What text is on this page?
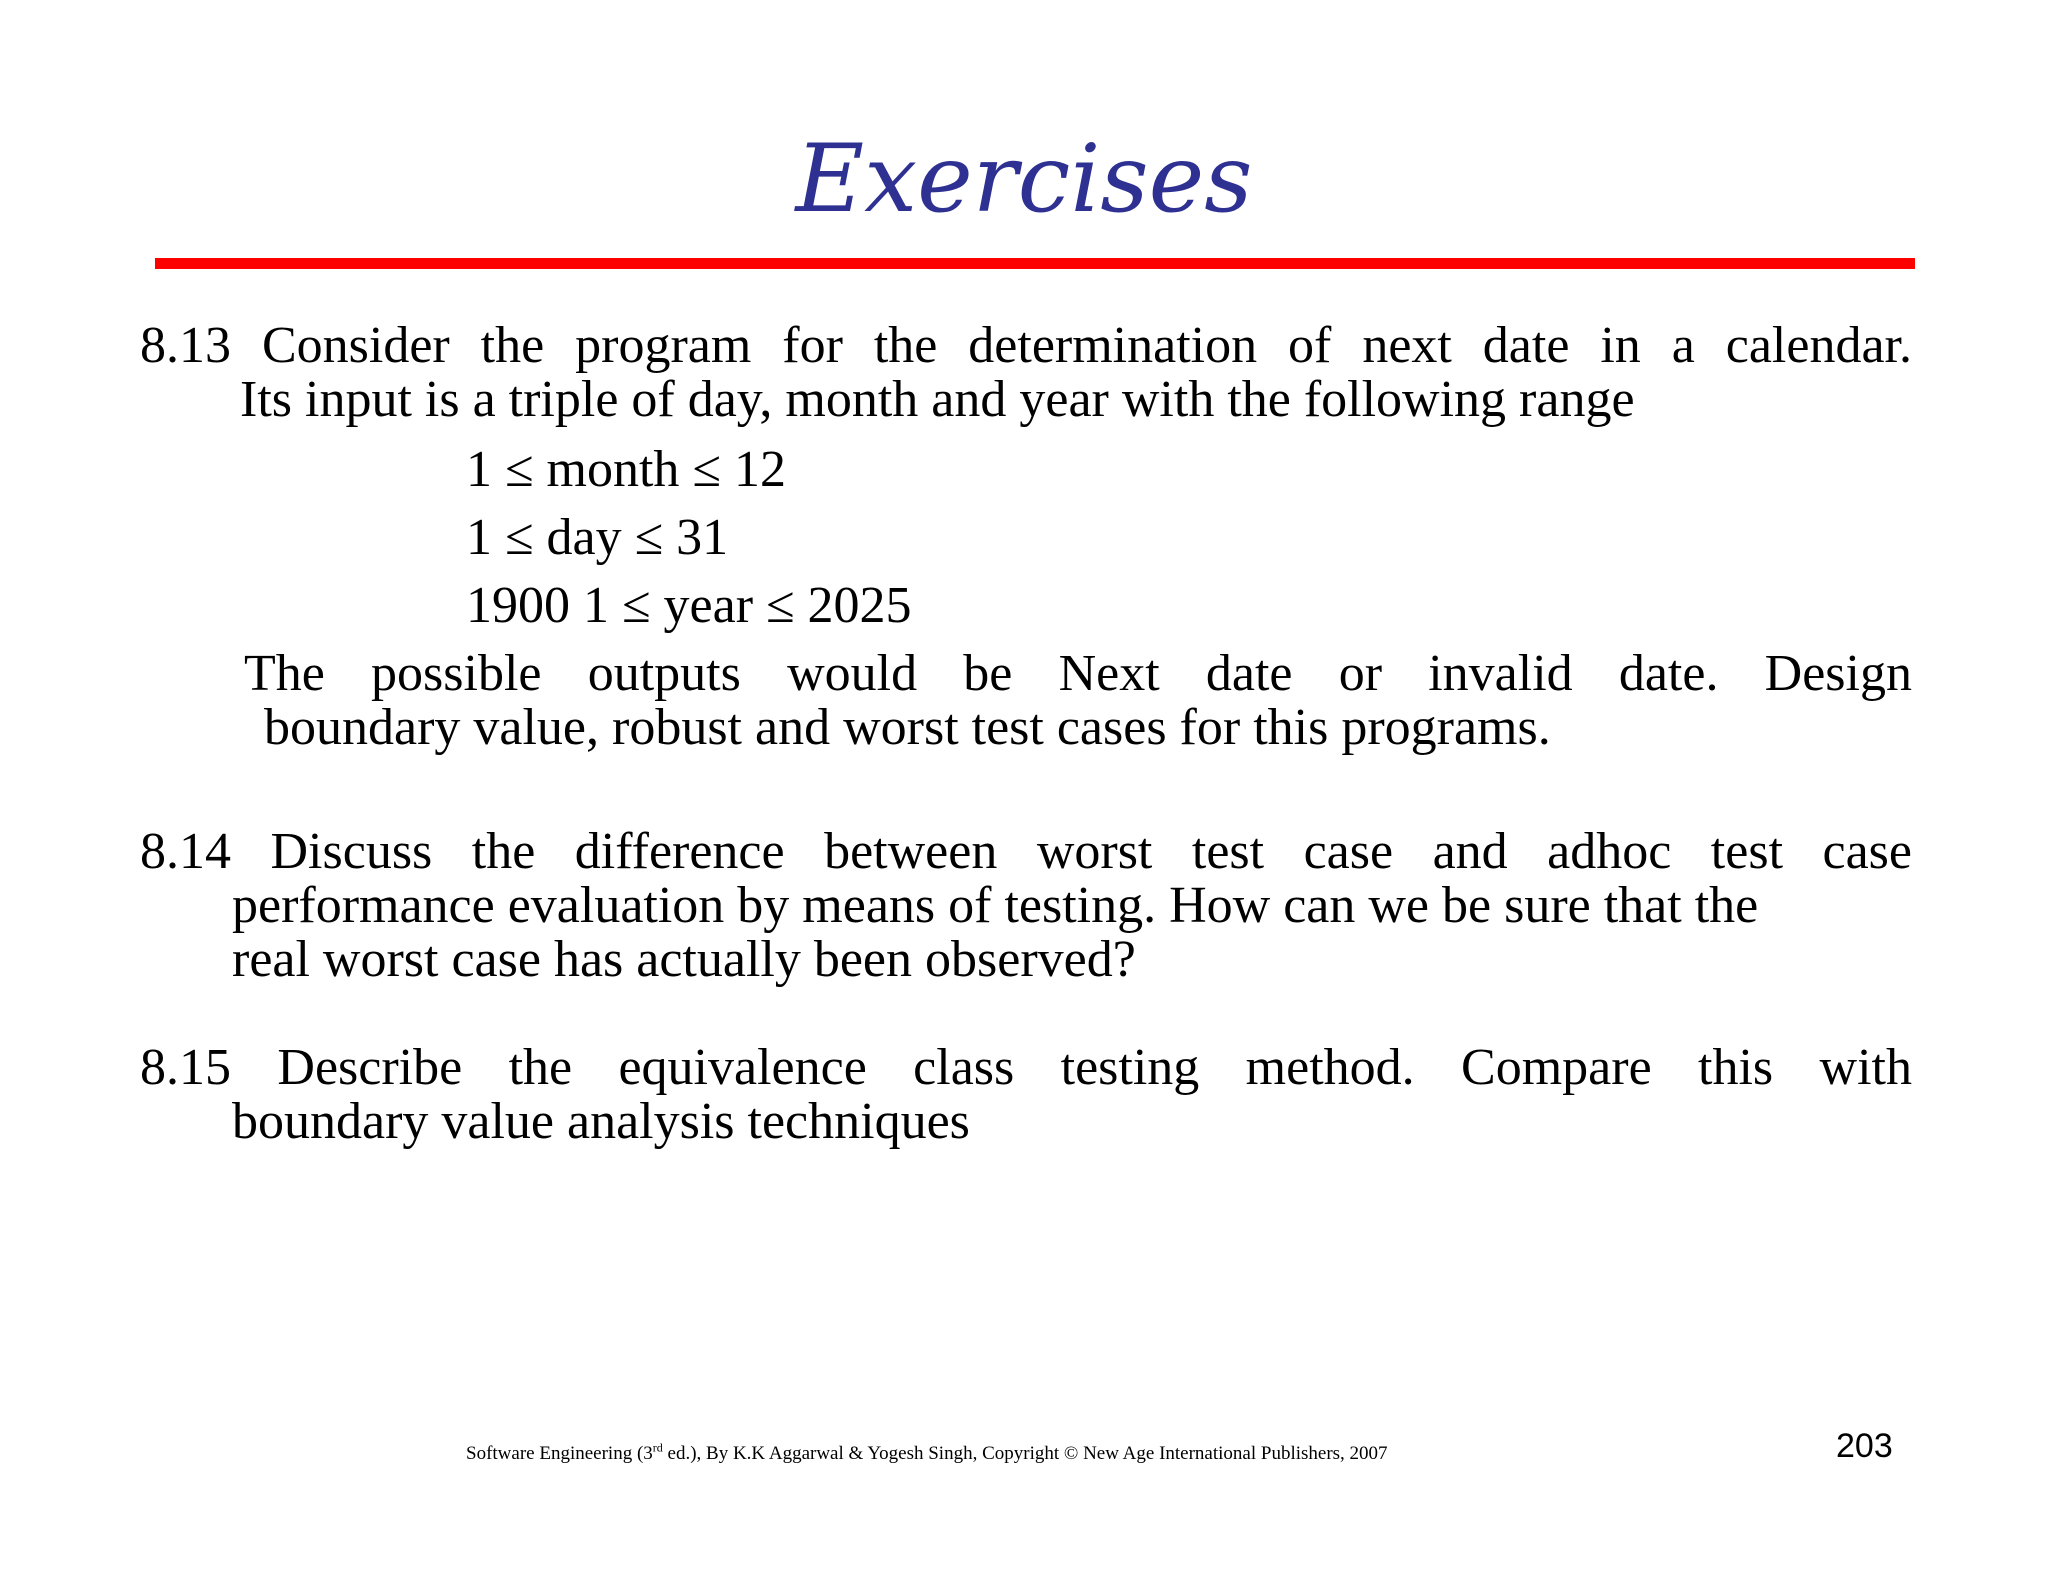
Exercises
8.13 Consider the program for the determination of next date in a calendar.
Its input is a triple of day, month and year with the following range
1 ≤ month ≤ 12
1 ≤ day ≤ 31
1900 1 ≤ year ≤ 2025
The possible outputs would be Next date or invalid date. Design
boundary value, robust and worst test cases for this programs.
8.14 Discuss the difference between worst test case and adhoc test case
performance evaluation by means of testing. How can we be sure that the
real worst case has actually been observed?
8.15 Describe the equivalence class testing method. Compare this with
boundary value analysis techniques
Software Engineering (3rd ed.), By K.K Aggarwal & Yogesh Singh, Copyright © New Age International Publishers, 2007	203
